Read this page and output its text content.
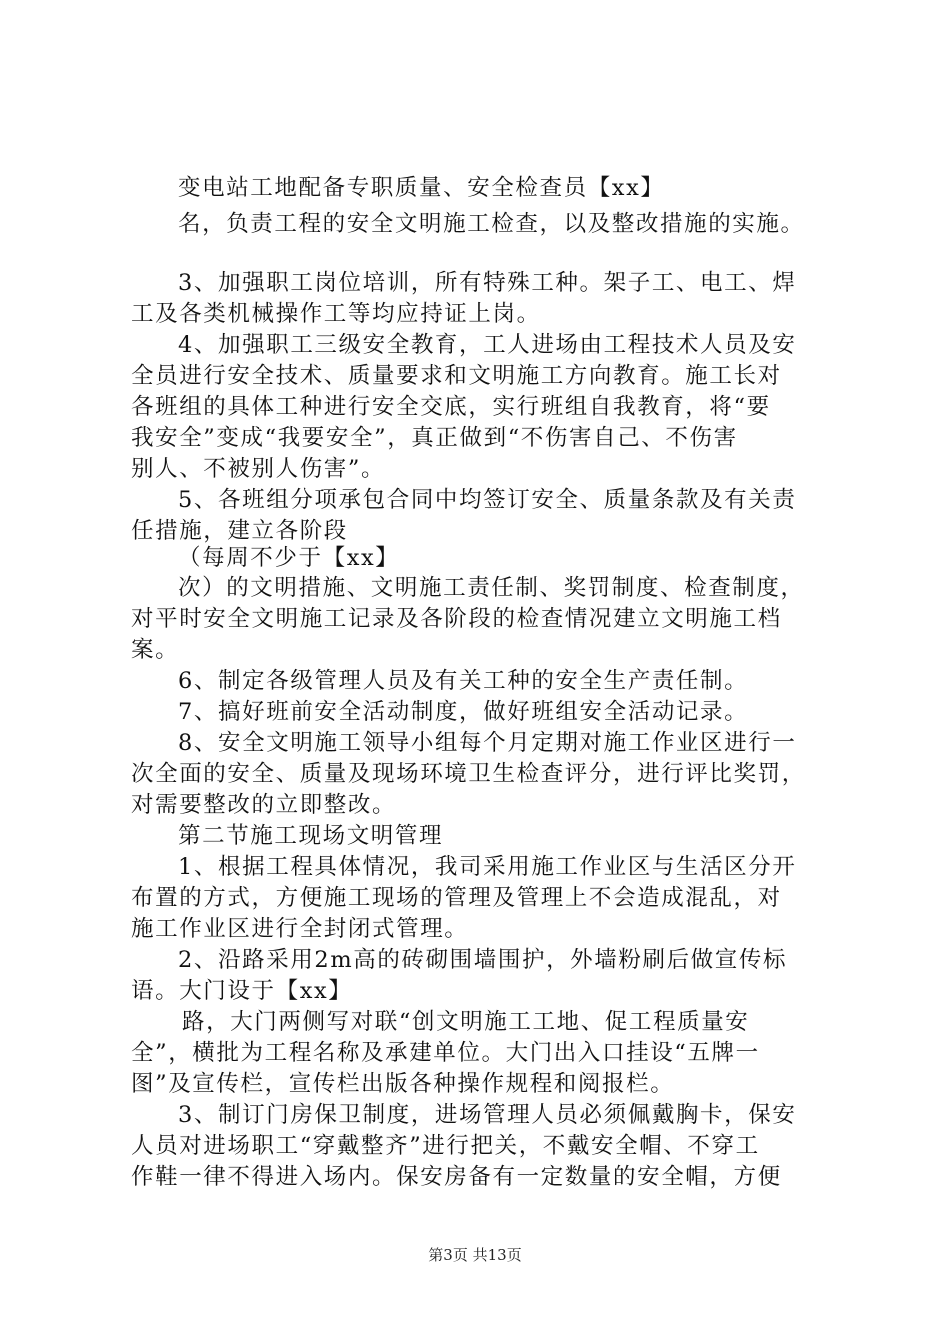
变电站工地配备专职质量、安全检查员【xx】
名，负责工程的安全文明施工检查，以及整改措施的实施。
3、加强职工岗位培训，所有特殊工种。架子工、电工、焊
工及各类机械操作工等均应持证上岗。
4、加强职工三级安全教育，工人进场由工程技术人员及安
全员进行安全技术、质量要求和文明施工方向教育。施工长对
各班组的具体工种进行安全交底，实行班组自我教育，将“要
我安全”变成“我要安全”，真正做到“不伤害自己、不伤害
别人、不被别人伤害”。
5、各班组分项承包合同中均签订安全、质量条款及有关责
任措施，建立各阶段
（每周不少于【xx】
次）的文明措施、文明施工责任制、奖罚制度、检查制度，
对平时安全文明施工记录及各阶段的检查情况建立文明施工档
案。
6、制定各级管理人员及有关工种的安全生产责任制。
7、搞好班前安全活动制度，做好班组安全活动记录。
8、安全文明施工领导小组每个月定期对施工作业区进行一
次全面的安全、质量及现场环境卫生检查评分，进行评比奖罚，
对需要整改的立即整改。
第二节施工现场文明管理
1、根据工程具体情况，我司采用施工作业区与生活区分开
布置的方式，方便施工现场的管理及管理上不会造成混乱，对
施工作业区进行全封闭式管理。
2、沿路采用2m高的砖砌围墙围护，外墙粉刷后做宣传标
语。大门设于【xx】
路，大门两侧写对联“创文明施工工地、促工程质量安
全”，横批为工程名称及承建单位。大门出入口挂设“五牌一
图”及宣传栏，宣传栏出版各种操作规程和阅报栏。
3、制订门房保卫制度，进场管理人员必须佩戴胸卡，保安
人员对进场职工“穿戴整齐”进行把关，不戴安全帽、不穿工
作鞋一律不得进入场内。保安房备有一定数量的安全帽，方便
第3页 共13页
